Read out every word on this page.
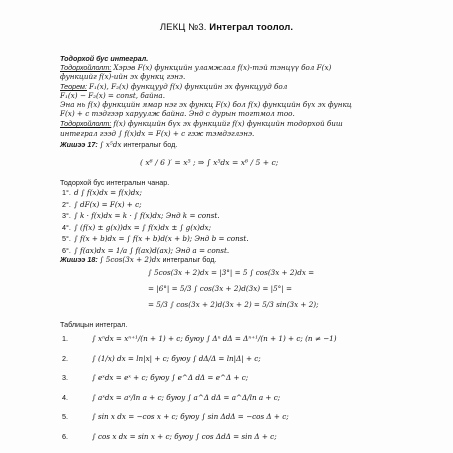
ЛЕКЦ №3. Интеграл тоолол.
Тодорхой бус интеграл.
Тодорхойлолт: Хэрэв F(x) функцийн уламжлал f(x)-тэй тэнцүү бол F(x)
функцийг f(x)-ийн эх функц гэнэ.
Теорем: F₁(x), F₂(x) функцууд f(x) функцийн эх функцууд бол
F₁(x) − F₂(x) = const, байна.
Эна нь f(x) функцийн ямар нэг эх функц F(x) бол f(x) функцийн бүх эх функц
F(x) + c тэдгээр харуулж байна. Энд c дурын тогтмол тоо.
Тодорхойлолт: f(x) функцийн бүх эх функцийг f(x) функцийн тодорхой биш
интеграл гээд ∫ f(x)dx = F(x) + c гэж тэмдэглэнэ.
Жишээ 17: ∫ x⁵dx интегралыг бод.
( x⁶ / 6 )′ = x⁵ ; ⇒ ∫ x⁵dx = x⁶ / 5 + c;
Тодорхой бус интегралын чанар.
1°. d ∫ f(x)dx = f(x)dx;
2°. ∫ dF(x) = F(x) + c;
3°. ∫ k · f(x)dx = k · ∫ f(x)dx; Энд k = const.
4°. ∫ (f(x) ± g(x))dx = ∫ f(x)dx ± ∫ g(x)dx;
5°. ∫ f(x + b)dx = ∫ f(x + b)d(x + b); Энд b = const.
6°. ∫ f(ax)dx = 1/a ∫ f(ax)d(ax); Энд a = const.
Жишээ 18: ∫ 5cos(3x + 2)dx интегралыг бод.
∫ 5cos(3x + 2)dx = |3°| = 5 ∫ cos(3x + 2)dx =
= |6°| = 5/3 ∫ cos(3x + 2)d(3x) = |5°| =
= 5/3 ∫ cos(3x + 2)d(3x + 2) = 5/3 sin(3x + 2);
Таблицын интеграл.
1.	∫ xⁿdx = xⁿ⁺¹/(n + 1) + c; буюу ∫ Δⁿ dΔ = Δⁿ⁺¹/(n + 1) + c; (n ≠ −1)
2.	∫ (1/x) dx = ln|x| + c; буюу ∫ dΔ/Δ = ln|Δ| + c;
3.	∫ eˣdx = eˣ + c; буюу ∫ e^Δ dΔ = e^Δ + c;
4.	∫ aˣdx = aˣ/ln a + c; буюу ∫ a^Δ dΔ = a^Δ/ln a + c;
5.	∫ sin x dx = −cos x + c; буюу ∫ sin ΔdΔ = −cos Δ + c;
6.	∫ cos x dx = sin x + c; буюу ∫ cos ΔdΔ = sin Δ + c;
